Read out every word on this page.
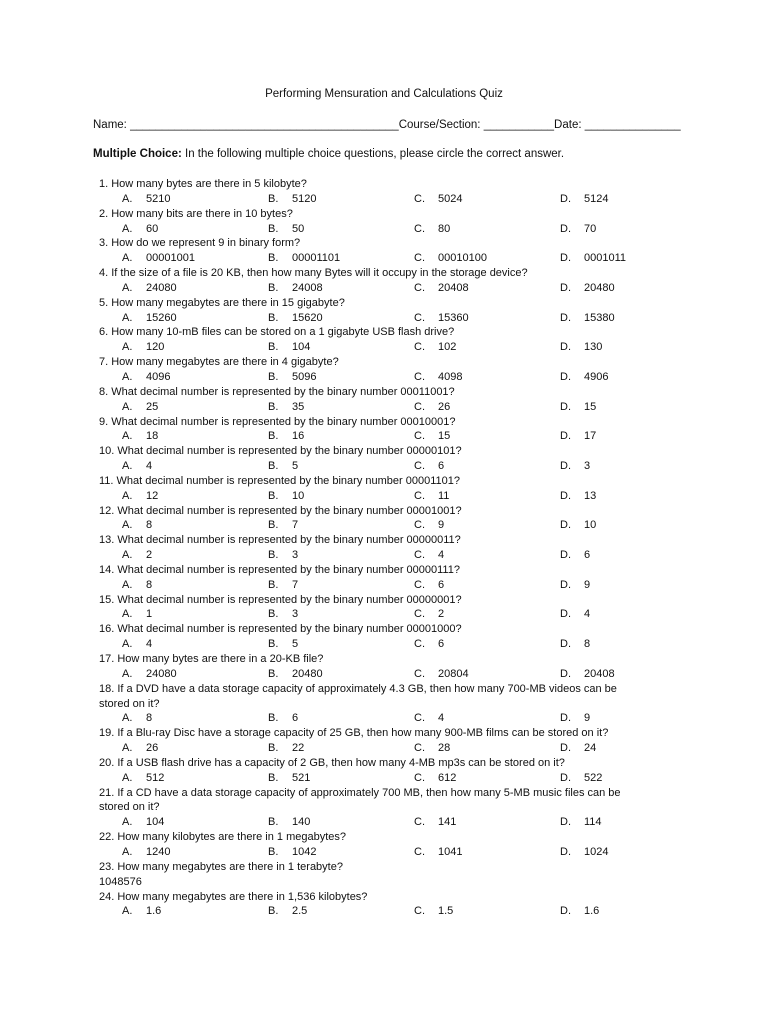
Performing Mensuration and Calculations Quiz
Name: __________________________________________Course/Section: ___________Date: _______________
Multiple Choice: In the following multiple choice questions, please circle the correct answer.
1. How many bytes are there in 5 kilobyte?
A. 5210	B. 5120	C. 5024	D. 5124
2. How many bits are there in 10 bytes?
A. 60	B. 50	C. 80	D. 70
3. How do we represent 9 in binary form?
A. 00001001	B. 00001101	C. 00010100	D. 0001011
4. If the size of a file is 20 KB, then how many Bytes will it occupy in the storage device?
A. 24080	B. 24008	C. 20408	D. 20480
5. How many megabytes are there in 15 gigabyte?
A. 15260	B. 15620	C. 15360	D. 15380
6. How many 10-mB files can be stored on a 1 gigabyte USB flash drive?
A. 120	B. 104	C. 102	D. 130
7. How many megabytes are there in 4 gigabyte?
A. 4096	B. 5096	C. 4098	D. 4906
8. What decimal number is represented by the binary number 00011001?
A. 25	B. 35	C. 26	D. 15
9. What decimal number is represented by the binary number 00010001?
A. 18	B. 16	C. 15	D. 17
10. What decimal number is represented by the binary number 00000101?
A. 4	B. 5	C. 6	D. 3
11. What decimal number is represented by the binary number 00001101?
A. 12	B. 10	C. 11	D. 13
12. What decimal number is represented by the binary number 00001001?
A. 8	B. 7	C. 9	D. 10
13. What decimal number is represented by the binary number 00000011?
A. 2	B. 3	C. 4	D. 6
14. What decimal number is represented by the binary number 00000111?
A. 8	B. 7	C. 6	D. 9
15. What decimal number is represented by the binary number 00000001?
A. 1	B. 3	C. 2	D. 4
16. What decimal number is represented by the binary number 00001000?
A. 4	B. 5	C. 6	D. 8
17. How many bytes are there in a 20-KB file?
A. 24080	B. 20480	C. 20804	D. 20408
18. If a DVD have a data storage capacity of approximately 4.3 GB, then how many 700-MB videos can be
stored on it?
A. 8	B. 6	C. 4	D. 9
19. If a Blu-ray Disc have a storage capacity of 25 GB, then how many 900-MB films can be stored on it?
A. 26	B. 22	C. 28	D. 24
20. If a USB flash drive has a capacity of 2 GB, then how many 4-MB mp3s can be stored on it?
A. 512	B. 521	C. 612	D. 522
21. If a CD have a data storage capacity of approximately 700 MB, then how many 5-MB music files can be
stored on it?
A. 104	B. 140	C. 141	D. 114
22. How many kilobytes are there in 1 megabytes?
A. 1240	B. 1042	C. 1041	D. 1024
23. How many megabytes are there in 1 terabyte?
1048576
24. How many megabytes are there in 1,536 kilobytes?
A. 1.6	B. 2.5	C. 1.5	D. 1.6
